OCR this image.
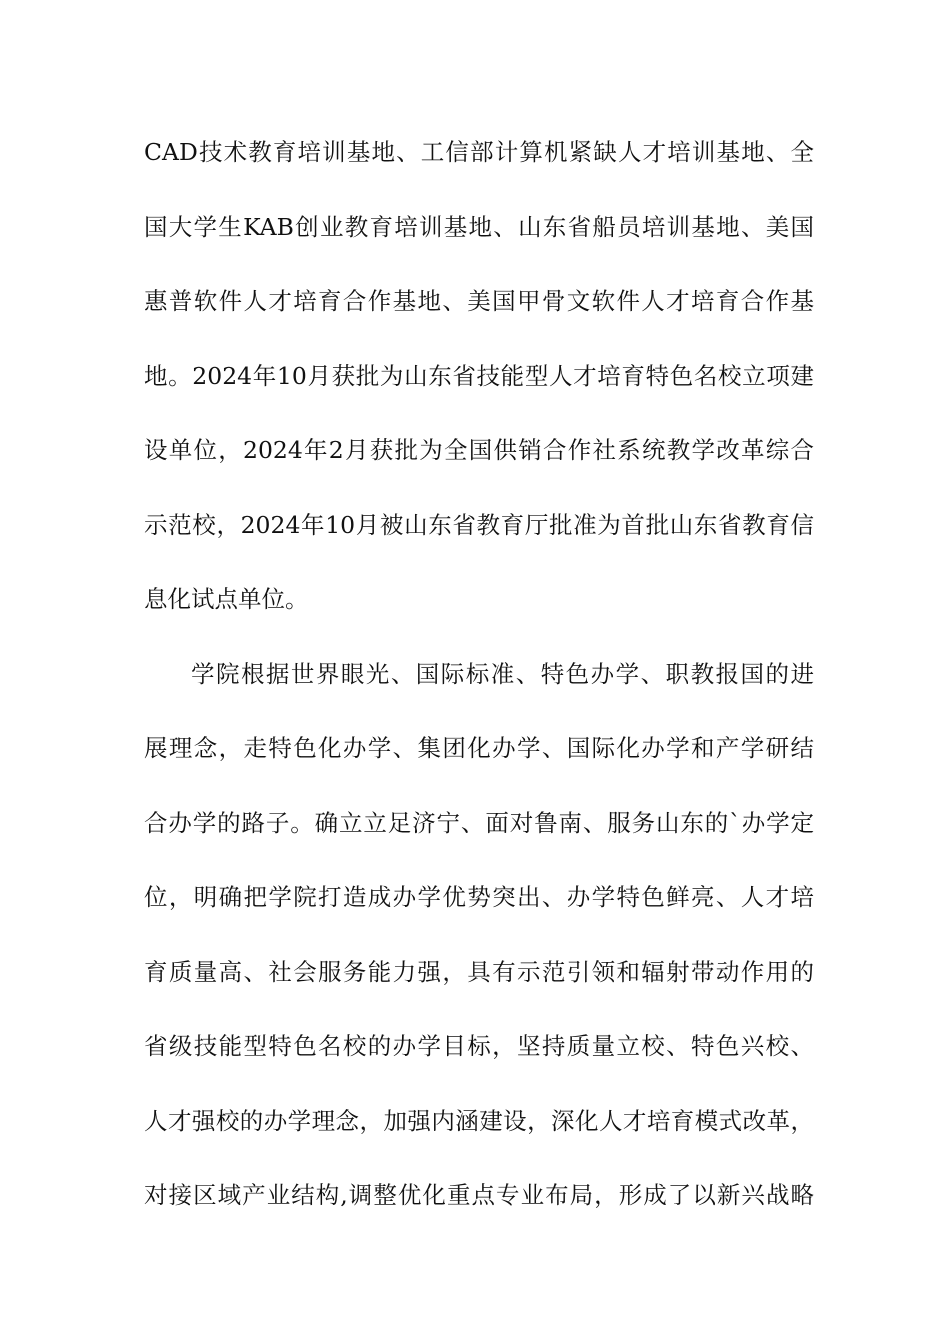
CAD技术教育培训基地、工信部计算机紧缺人才培训基地、全
国大学生KAB创业教育培训基地、山东省船员培训基地、美国
惠普软件人才培育合作基地、美国甲骨文软件人才培育合作基
地。2024年10月获批为山东省技能型人才培育特色名校立项建
设单位，2024年2月获批为全国供销合作社系统教学改革综合
示范校，2024年10月被山东省教育厅批准为首批山东省教育信
息化试点单位。
学院根据世界眼光、国际标准、特色办学、职教报国的进
展理念，走特色化办学、集团化办学、国际化办学和产学研结
合办学的路子。确立立足济宁、面对鲁南、服务山东的`办学定
位，明确把学院打造成办学优势突出、办学特色鲜亮、人才培
育质量高、社会服务能力强，具有示范引领和辐射带动作用的
省级技能型特色名校的办学目标，坚持质量立校、特色兴校、
人才强校的办学理念，加强内涵建设，深化人才培育模式改革，
对接区域产业结构,调整优化重点专业布局，形成了以新兴战略
